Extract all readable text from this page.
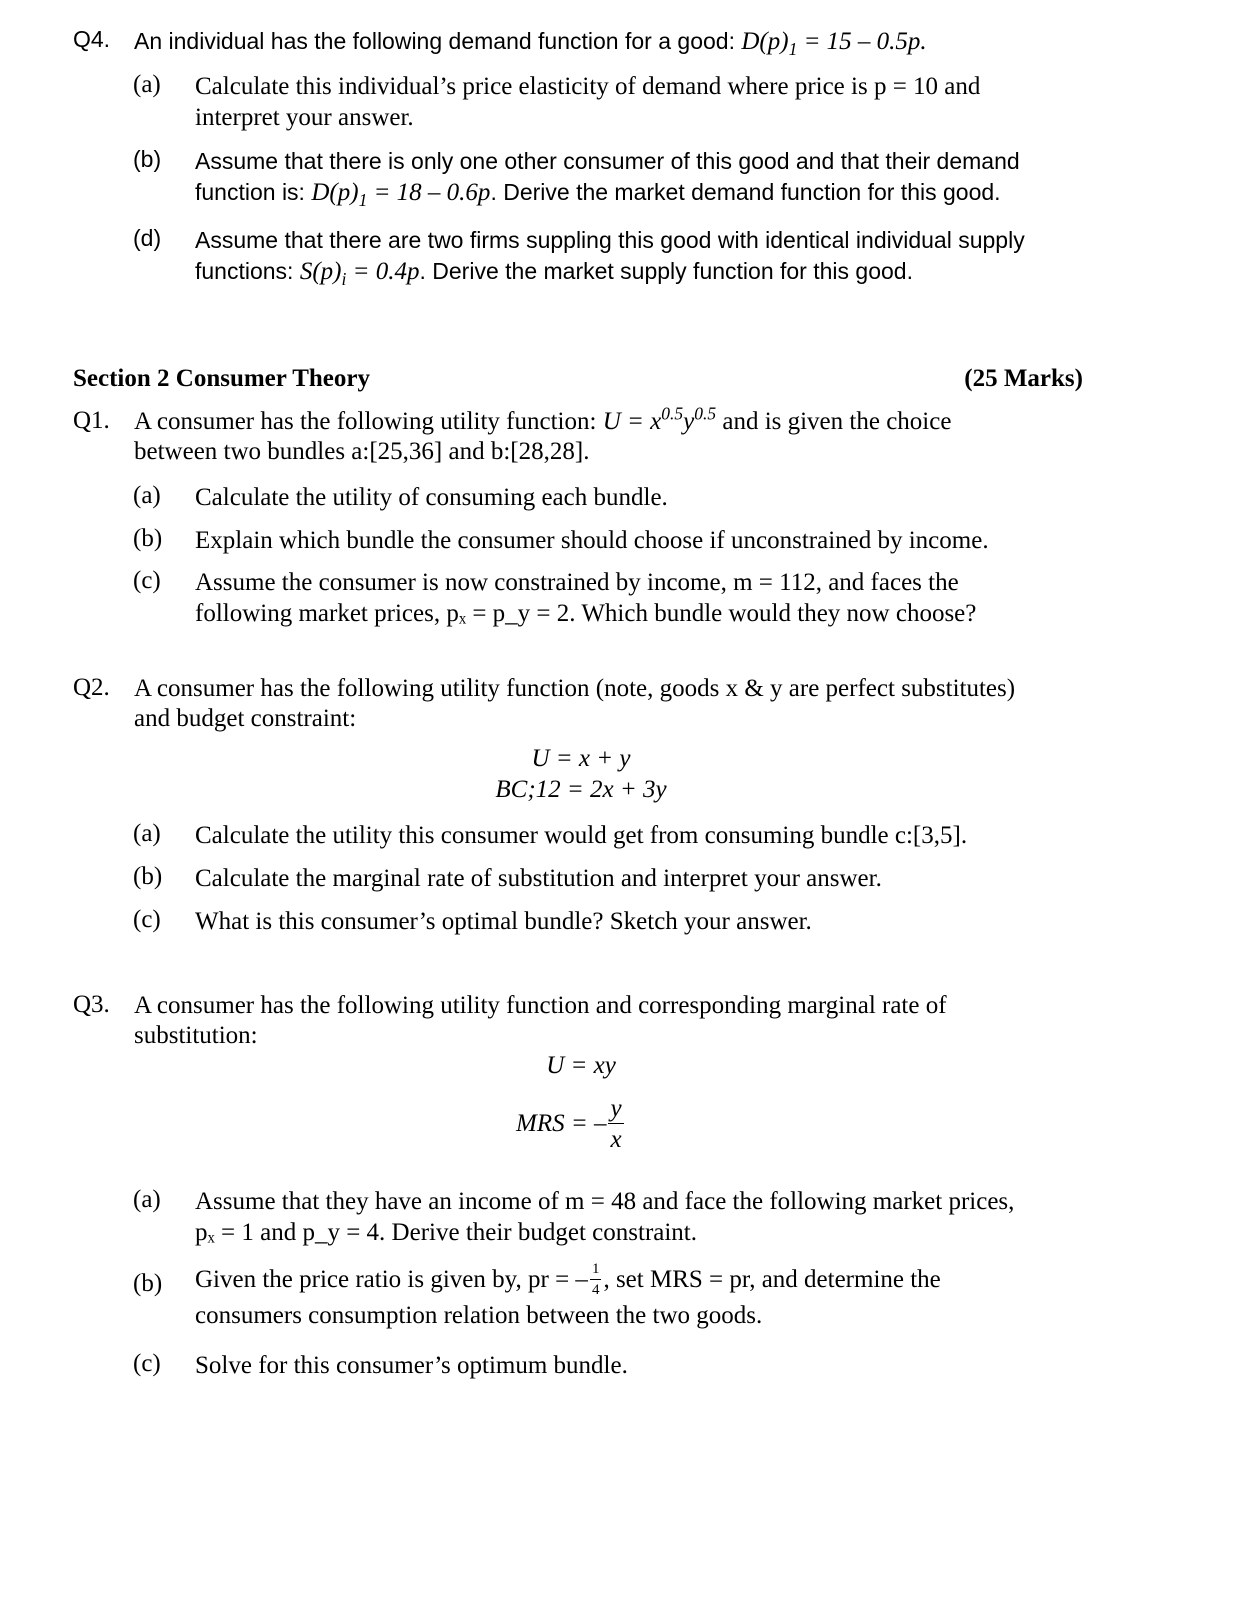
Q4. An individual has the following demand function for a good: $D(p)_1 = 15 - 0.5p$.
(a) Calculate this individual’s price elasticity of demand where price is p = 10 and
interpret your answer.
(b) Assume that there is only one other consumer of this good and that their demand
function is: $D(p)_1 = 18 - 0.6p$. Derive the market demand function for this good.
(d) Assume that there are two firms suppling this good with identical individual supply
functions: $S(p)_i = 0.4p$. Derive the market supply function for this good.
Section 2 Consumer Theory	(25 Marks)
Q1. A consumer has the following utility function: $U = x^{0.5}y^{0.5}$ and is given the choice
between two bundles a:[25,36] and b:[28,28].
(a) Calculate the utility of consuming each bundle.
(b) Explain which bundle the consumer should choose if unconstrained by income.
(c) Assume the consumer is now constrained by income, m = 112, and faces the
following market prices, pₓ = p_y = 2. Which bundle would they now choose?
Q2. A consumer has the following utility function (note, goods x & y are perfect substitutes)
and budget constraint:
U = x + y
BC;12 = 2x + 3y
(a) Calculate the utility this consumer would get from consuming bundle c:[3,5].
(b) Calculate the marginal rate of substitution and interpret your answer.
(c) What is this consumer’s optimal bundle? Sketch your answer.
Q3. A consumer has the following utility function and corresponding marginal rate of
substitution:
U = xy
MRS = – $\frac{y}{x}$
(a) Assume that they have an income of m = 48 and face the following market prices,
pₓ = 1 and p_y = 4. Derive their budget constraint.
(b) Given the price ratio is given by, pr = – $\frac{1}{4}$ , set MRS = pr, and determine the
consumers consumption relation between the two goods.
(c) Solve for this consumer’s optimum bundle.
